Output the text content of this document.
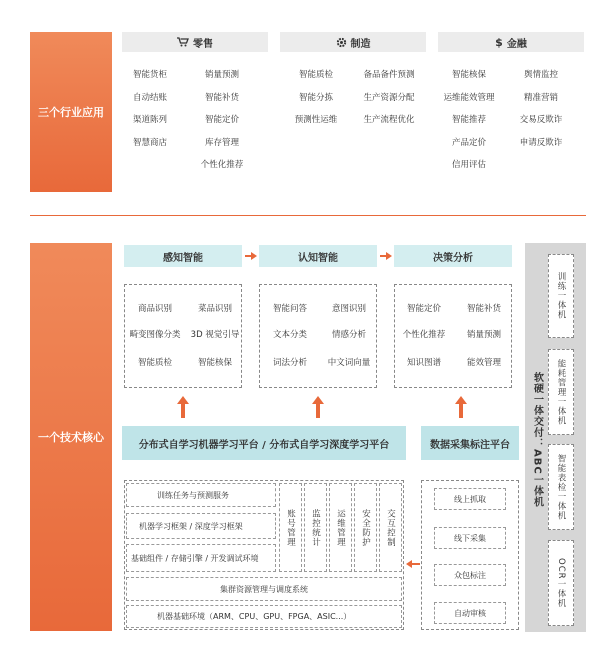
三个行业应用
零售
智能货柜
自动结账
渠道陈列
智慧商店
销量预测
智能补货
智能定价
库存管理
个性化推荐
制造
智能质检
智能分拣
预测性运维
备品备件预测
生产资源分配
生产流程优化
$ 金融
智能核保
运维能效管理
智能推荐
产品定价
信用评估
舆情监控
精准营销
交易反欺诈
申请反欺诈
一个技术核心
感知智能	认知智能	决策分析
商品识别
畸变图像分类
智能质检
菜品识别
3D 视觉引导
智能核保
智能问答
文本分类
词法分析
意图识别
情感分析
中文词向量
智能定价
个性化推荐
知识图谱
智能补货
销量预测
能效管理
分布式自学习机器学习平台 / 分布式自学习深度学习平台	数据采集标注平台
训练任务与预测服务
机器学习框架 / 深度学习框架
基础组件 / 存储引擎 / 开发调试环境
账号管理 监控统计 运维管理 安全防护 交互控制
集群资源管理与调度系统
机器基础环境（ARM、CPU、GPU、FPGA、ASIC...）
线上抓取
线下采集
众包标注
自动审核
软硬一体交付：ABC一体机
训练一体机
能耗管理一体机
智能表检一体机
OCR一体机
